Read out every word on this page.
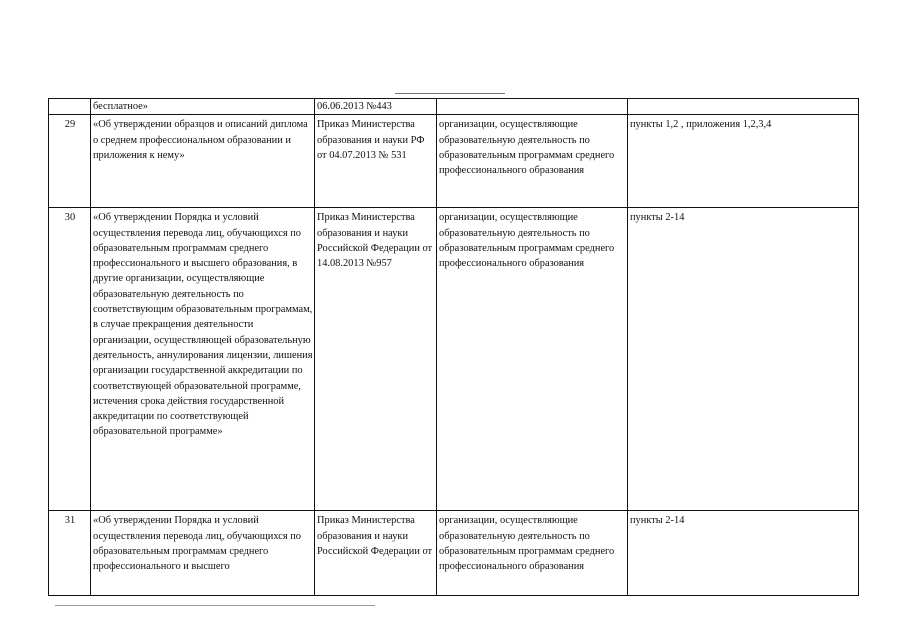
	бесплатное»	06.06.2013 №443		
29	«Об утверждении образцов и описаний диплома о среднем профессиональном образовании и приложения к нему»	Приказ Министерства образования и науки РФ от 04.07.2013 № 531	организации, осуществляющие образовательную деятельность по образовательным программам среднего профессионального образования	пункты 1,2 , приложения 1,2,3,4
30	«Об утверждении Порядка и условий осуществления перевода лиц, обучающихся по образовательным программам среднего профессионального и высшего образования, в другие организации, осуществляющие образовательную деятельность по соответствующим образовательным программам, в случае прекращения деятельности организации, осуществляющей образовательную деятельность, аннулирования лицензии, лишения организации государственной аккредитации по соответствующей образовательной программе, истечения срока действия государственной аккредитации по соответствующей образовательной программе»	Приказ Министерства образования и науки Российской Федерации от 14.08.2013 №957	организации, осуществляющие образовательную деятельность по образовательным программам среднего профессионального образования	пункты 2-14
31	«Об утверждении Порядка и условий осуществления перевода лиц, обучающихся по образовательным программам среднего профессионального и высшего	Приказ Министерства образования и науки Российской Федерации от	организации, осуществляющие образовательную деятельность по образовательным программам среднего профессионального образования	пункты 2-14
